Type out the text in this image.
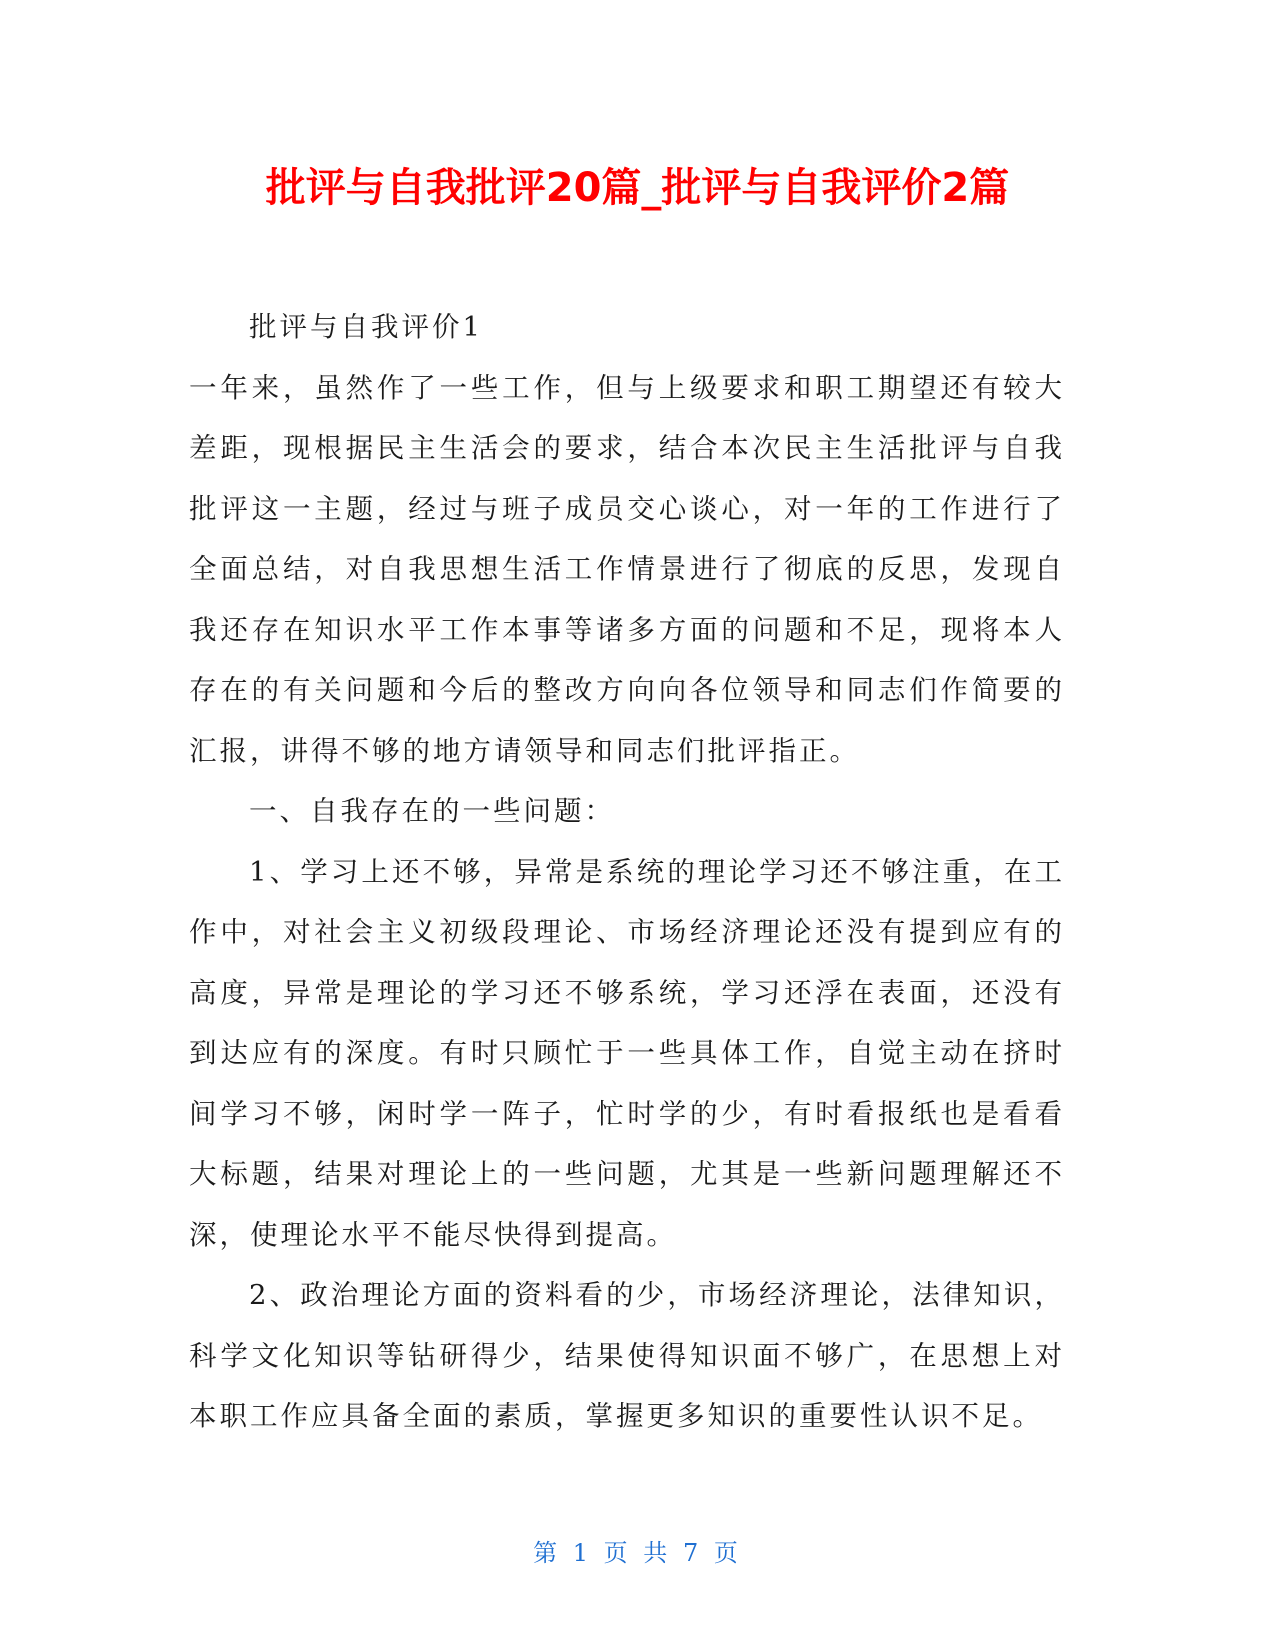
批评与自我批评20篇_批评与自我评价2篇

批评与自我评价1

一年来，虽然作了一些工作，但与上级要求和职工期望还有较大差距，现根据民主生活会的要求，结合本次民主生活批评与自我批评这一主题，经过与班子成员交心谈心，对一年的工作进行了全面总结，对自我思想生活工作情景进行了彻底的反思，发现自我还存在知识水平工作本事等诸多方面的问题和不足，现将本人存在的有关问题和今后的整改方向向各位领导和同志们作简要的汇报，讲得不够的地方请领导和同志们批评指正。

一、自我存在的一些问题：

1、学习上还不够，异常是系统的理论学习还不够注重，在工作中，对社会主义初级段理论、市场经济理论还没有提到应有的高度，异常是理论的学习还不够系统，学习还浮在表面，还没有到达应有的深度。有时只顾忙于一些具体工作，自觉主动在挤时间学习不够，闲时学一阵子，忙时学的少，有时看报纸也是看看大标题，结果对理论上的一些问题，尤其是一些新问题理解还不深，使理论水平不能尽快得到提高。

2、政治理论方面的资料看的少，市场经济理论，法律知识，科学文化知识等钻研得少，结果使得知识面不够广，在思想上对本职工作应具备全面的素质，掌握更多知识的重要性认识不足。

第 1 页 共 7 页
